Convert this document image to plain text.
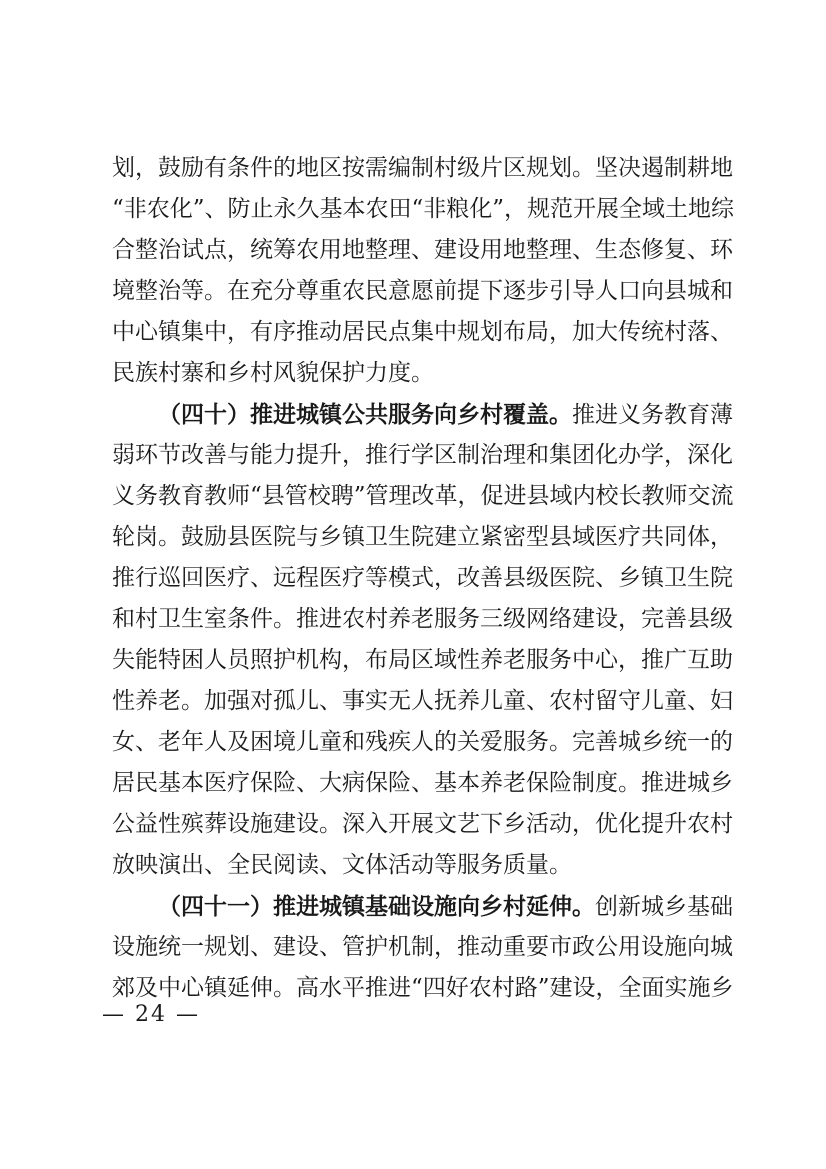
划，鼓励有条件的地区按需编制村级片区规划。坚决遏制耕地
“非农化”、防止永久基本农田“非粮化”，规范开展全域土地综
合整治试点，统筹农用地整理、建设用地整理、生态修复、环
境整治等。在充分尊重农民意愿前提下逐步引导人口向县城和
中心镇集中，有序推动居民点集中规划布局，加大传统村落、
民族村寨和乡村风貌保护力度。
（四十）推进城镇公共服务向乡村覆盖。推进义务教育薄
弱环节改善与能力提升，推行学区制治理和集团化办学，深化
义务教育教师“县管校聘”管理改革，促进县域内校长教师交流
轮岗。鼓励县医院与乡镇卫生院建立紧密型县域医疗共同体，
推行巡回医疗、远程医疗等模式，改善县级医院、乡镇卫生院
和村卫生室条件。推进农村养老服务三级网络建设，完善县级
失能特困人员照护机构，布局区域性养老服务中心，推广互助
性养老。加强对孤儿、事实无人抚养儿童、农村留守儿童、妇
女、老年人及困境儿童和残疾人的关爱服务。完善城乡统一的
居民基本医疗保险、大病保险、基本养老保险制度。推进城乡
公益性殡葬设施建设。深入开展文艺下乡活动，优化提升农村
放映演出、全民阅读、文体活动等服务质量。
（四十一）推进城镇基础设施向乡村延伸。创新城乡基础
设施统一规划、建设、管护机制，推动重要市政公用设施向城
郊及中心镇延伸。高水平推进“四好农村路”建设，全面实施乡
— 24 —
